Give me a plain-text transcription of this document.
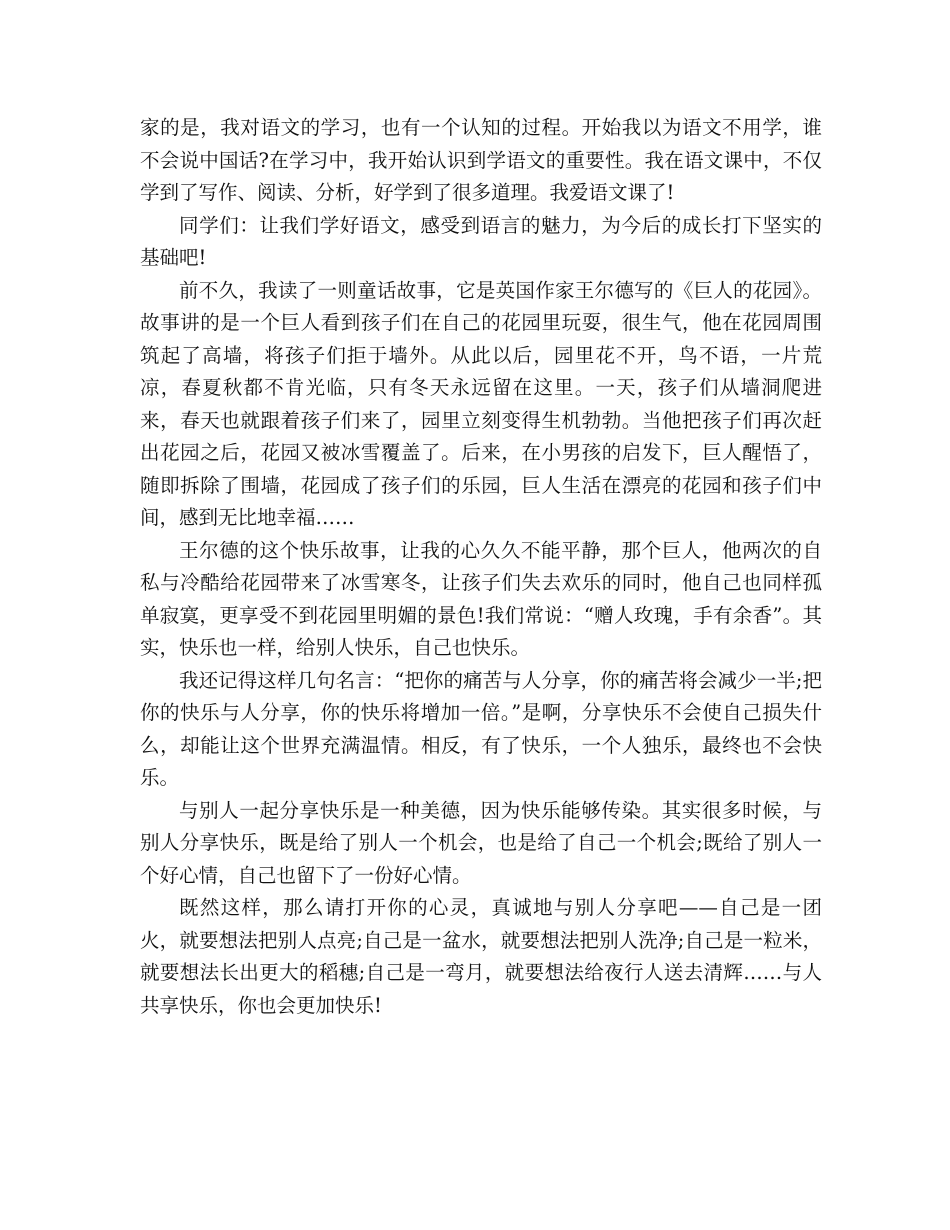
家的是，我对语文的学习，也有一个认知的过程。开始我以为语文不用学，谁不会说中国话?在学习中，我开始认识到学语文的重要性。我在语文课中，不仅学到了写作、阅读、分析，好学到了很多道理。我爱语文课了!

同学们：让我们学好语文，感受到语言的魅力，为今后的成长打下坚实的基础吧!

前不久，我读了一则童话故事，它是英国作家王尔德写的《巨人的花园》。故事讲的是一个巨人看到孩子们在自己的花园里玩耍，很生气，他在花园周围筑起了高墙，将孩子们拒于墙外。从此以后，园里花不开，鸟不语，一片荒凉，春夏秋都不肯光临，只有冬天永远留在这里。一天，孩子们从墙洞爬进来，春天也就跟着孩子们来了，园里立刻变得生机勃勃。当他把孩子们再次赶出花园之后，花园又被冰雪覆盖了。后来，在小男孩的启发下，巨人醒悟了，随即拆除了围墙，花园成了孩子们的乐园，巨人生活在漂亮的花园和孩子们中间，感到无比地幸福……

王尔德的这个快乐故事，让我的心久久不能平静，那个巨人，他两次的自私与冷酷给花园带来了冰雪寒冬，让孩子们失去欢乐的同时，他自己也同样孤单寂寞，更享受不到花园里明媚的景色!我们常说：“赠人玫瑰，手有余香”。其实，快乐也一样，给别人快乐，自己也快乐。

我还记得这样几句名言：“把你的痛苦与人分享，你的痛苦将会减少一半;把你的快乐与人分享，你的快乐将增加一倍。”是啊，分享快乐不会使自己损失什么，却能让这个世界充满温情。相反，有了快乐，一个人独乐，最终也不会快乐。

与别人一起分享快乐是一种美德，因为快乐能够传染。其实很多时候，与别人分享快乐，既是给了别人一个机会，也是给了自己一个机会;既给了别人一个好心情，自己也留下了一份好心情。

既然这样，那么请打开你的心灵，真诚地与别人分享吧——自己是一团火，就要想法把别人点亮;自己是一盆水，就要想法把别人洗净;自己是一粒米，就要想法长出更大的稻穗;自己是一弯月，就要想法给夜行人送去清辉……与人共享快乐，你也会更加快乐!
